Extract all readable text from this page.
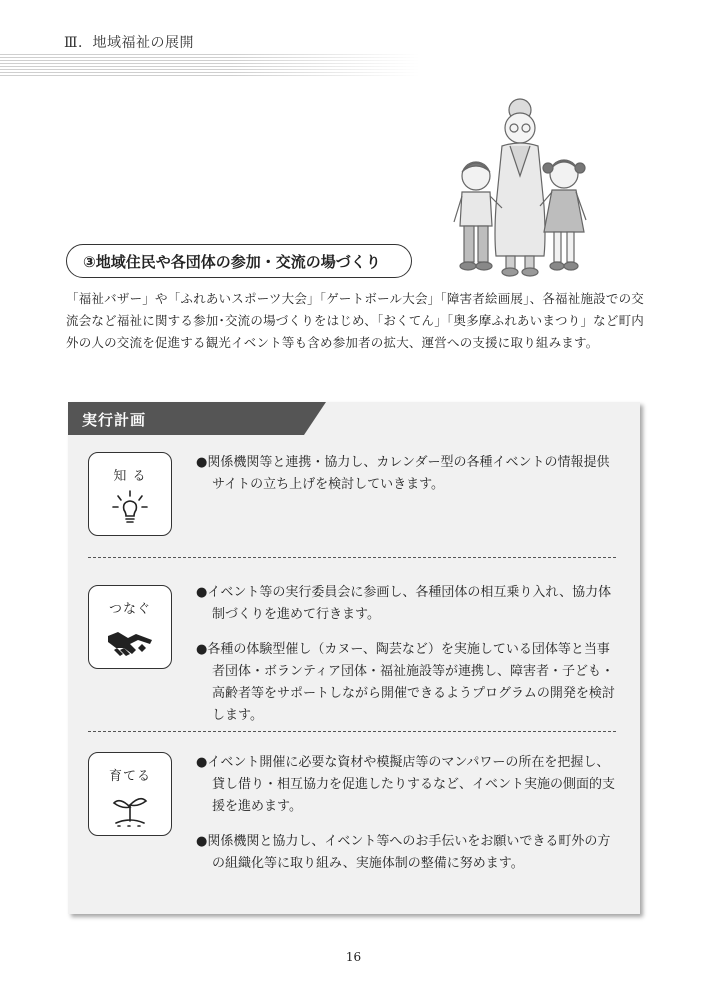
Ⅲ．地域福祉の展開
③地域住民や各団体の参加・交流の場づくり
「福祉バザー」や「ふれあいスポーツ大会」「ゲートボール大会」「障害者絵画展」、各福祉施設での交流会など福祉に関する参加･交流の場づくりをはじめ、「おくてん」「奥多摩ふれあいまつり」など町内外の人の交流を促進する観光イベント等も含め参加者の拡大、運営への支援に取り組みます。
実行計画
知 る

● 関係機関等と連携・協力し、カレンダー型の各種イベントの情報提供サイトの立ち上げを検討していきます。

つなぐ

● イベント等の実行委員会に参画し、各種団体の相互乗り入れ、協力体制づくりを進めて行きます。

● 各種の体験型催し（カヌー、陶芸など）を実施している団体等と当事者団体・ボランティア団体・福祉施設等が連携し、障害者・子ども・高齢者等をサポートしながら開催できるようプログラムの開発を検討します。

育てる

● イベント開催に必要な資材や模擬店等のマンパワーの所在を把握し、貸し借り・相互協力を促進したりするなど、イベント実施の側面的支援を進めます。

● 関係機関と協力し、イベント等へのお手伝いをお願いできる町外の方の組織化等に取り組み、実施体制の整備に努めます。

16
